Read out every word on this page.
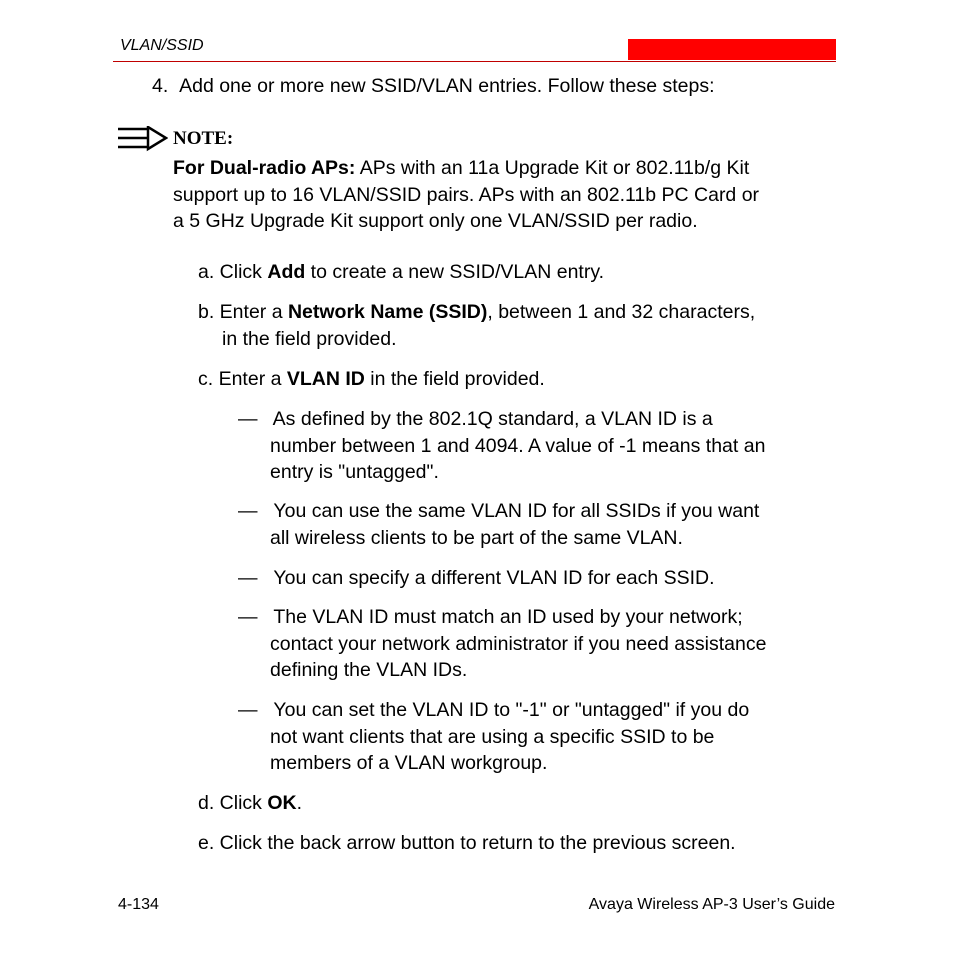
VLAN/SSID
4.  Add one or more new SSID/VLAN entries. Follow these steps:
NOTE:

For Dual-radio APs: APs with an 11a Upgrade Kit or 802.11b/g Kit

support up to 16 VLAN/SSID pairs. APs with an 802.11b PC Card or

a 5 GHz Upgrade Kit support only one VLAN/SSID per radio.

a. Click Add to create a new SSID/VLAN entry.
b. Enter a Network Name (SSID), between 1 and 32 characters,
in the field provided.
c. Enter a VLAN ID in the field provided.
—   As defined by the 802.1Q standard, a VLAN ID is a
number between 1 and 4094. A value of -1 means that an
entry is "untagged".
—   You can use the same VLAN ID for all SSIDs if you want
all wireless clients to be part of the same VLAN.
—   You can specify a different VLAN ID for each SSID.
—   The VLAN ID must match an ID used by your network;
contact your network administrator if you need assistance
defining the VLAN IDs.
—   You can set the VLAN ID to "-1" or "untagged" if you do
not want clients that are using a specific SSID to be
members of a VLAN workgroup.
d. Click OK.
e. Click the back arrow button to return to the previous screen.
4-134	Avaya Wireless AP-3 User’s Guide
